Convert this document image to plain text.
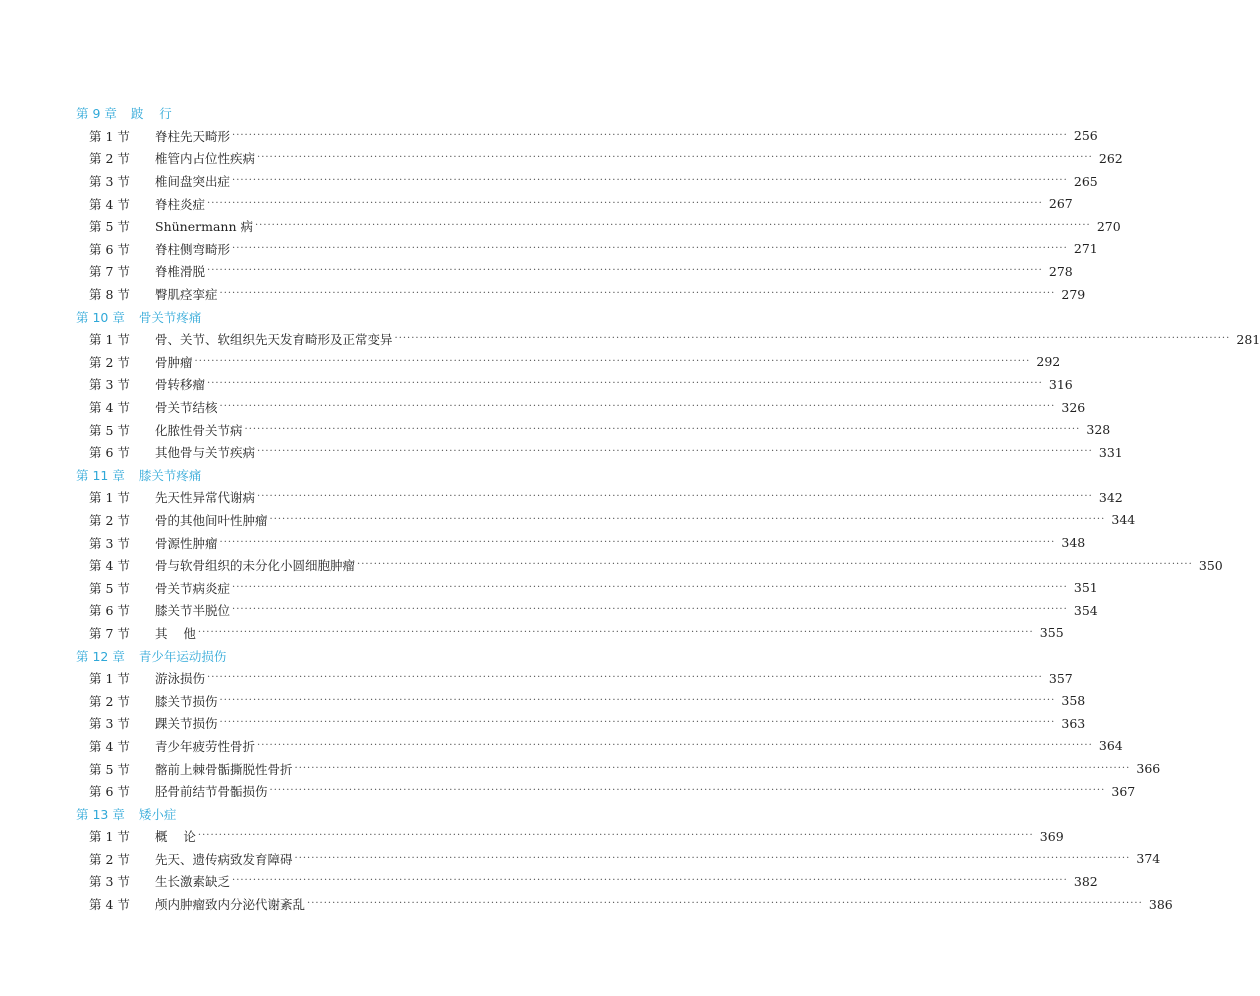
第 9 章 跛    行
第 1 节	脊柱先天畸形 ········································································································································································································ 256
第 2 节	椎管内占位性疾病 ········································································································································································································ 262
第 3 节	椎间盘突出症 ········································································································································································································ 265
第 4 节	脊柱炎症 ········································································································································································································ 267
第 5 节	Shünermann 病 ········································································································································································································ 270
第 6 节	脊柱侧弯畸形 ········································································································································································································ 271
第 7 节	脊椎滑脱 ········································································································································································································ 278
第 8 节	臀肌痉挛症 ········································································································································································································ 279
第 10 章 骨关节疼痛
第 1 节	骨、关节、软组织先天发育畸形及正常变异 ········································································································································································································ 281
第 2 节	骨肿瘤 ········································································································································································································ 292
第 3 节	骨转移瘤 ········································································································································································································ 316
第 4 节	骨关节结核 ········································································································································································································ 326
第 5 节	化脓性骨关节病 ········································································································································································································ 328
第 6 节	其他骨与关节疾病 ········································································································································································································ 331
第 11 章 膝关节疼痛
第 1 节	先天性异常代谢病 ········································································································································································································ 342
第 2 节	骨的其他间叶性肿瘤 ········································································································································································································ 344
第 3 节	骨源性肿瘤 ········································································································································································································ 348
第 4 节	骨与软骨组织的未分化小圆细胞肿瘤 ········································································································································································································ 350
第 5 节	骨关节病炎症 ········································································································································································································ 351
第 6 节	膝关节半脱位 ········································································································································································································ 354
第 7 节	其    他 ········································································································································································································ 355
第 12 章 青少年运动损伤
第 1 节	游泳损伤 ········································································································································································································ 357
第 2 节	膝关节损伤 ········································································································································································································ 358
第 3 节	踝关节损伤 ········································································································································································································ 363
第 4 节	青少年疲劳性骨折 ········································································································································································································ 364
第 5 节	髂前上棘骨骺撕脱性骨折 ········································································································································································································ 366
第 6 节	胫骨前结节骨骺损伤 ········································································································································································································ 367
第 13 章 矮小症
第 1 节	概    论 ········································································································································································································ 369
第 2 节	先天、遗传病致发育障碍 ········································································································································································································ 374
第 3 节	生长激素缺乏 ········································································································································································································ 382
第 4 节	颅内肿瘤致内分泌代谢紊乱 ········································································································································································································ 386
